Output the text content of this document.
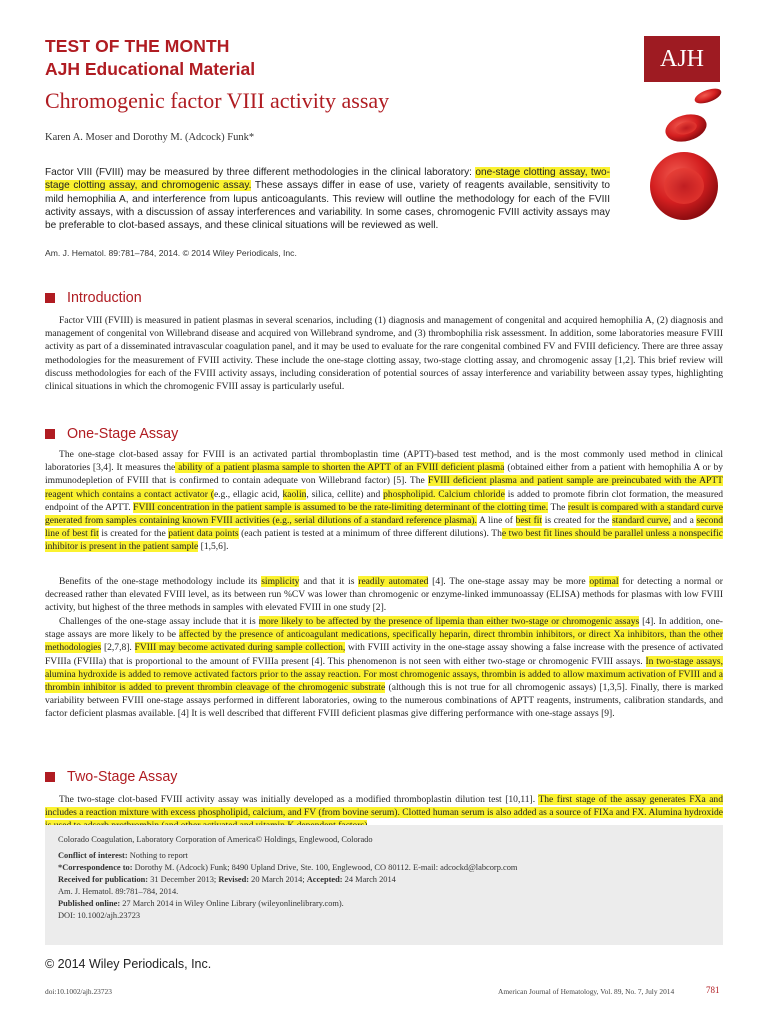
TEST OF THE MONTH
AJH Educational Material
Chromogenic factor VIII activity assay
Karen A. Moser and Dorothy M. (Adcock) Funk*
AJH
Factor VIII (FVIII) may be measured by three different methodologies in the clinical laboratory: one-stage clotting assay, two-stage clotting assay, and chromogenic assay. These assays differ in ease of use, variety of reagents available, sensitivity to mild hemophilia A, and interference from lupus anticoagulants. This review will outline the methodology for each of the FVIII activity assays, with a discussion of assay interferences and variability. In some cases, chromogenic FVIII activity assays may be preferable to clot-based assays, and these clinical situations will be reviewed as well.
Am. J. Hematol. 89:781–784, 2014. © 2014 Wiley Periodicals, Inc.
Introduction
Factor VIII (FVIII) is measured in patient plasmas in several scenarios, including (1) diagnosis and management of congenital and acquired hemophilia A, (2) diagnosis and management of congenital von Willebrand disease and acquired von Willebrand syndrome, and (3) thrombophilia risk assessment. In addition, some laboratories measure FVIII activity as part of a disseminated intravascular coagulation panel, and it may be used to evaluate for the rare congenital combined FV and FVIII deficiency. There are three assay methodologies for the measurement of FVIII activity. These include the one-stage clotting assay, two-stage clotting assay, and chromogenic assay [1,2]. This brief review will discuss methodologies for each of the FVIII activity assays, including consideration of potential sources of assay interference and variability between assay types, highlighting clinical situations in which the chromogenic FVIII assay is particularly useful.
One-Stage Assay
The one-stage clot-based assay for FVIII is an activated partial thromboplastin time (APTT)-based test method, and is the most commonly used method in clinical laboratories [3,4]. It measures the ability of a patient plasma sample to shorten the APTT of an FVIII deficient plasma (obtained either from a patient with hemophilia A or by immunodepletion of FVIII that is confirmed to contain adequate von Willebrand factor) [5]. The FVIII deficient plasma and patient sample are preincubated with the APTT reagent which contains a contact activator (e.g., ellagic acid, kaolin, silica, cellite) and phospholipid. Calcium chloride is added to promote fibrin clot formation, the measured endpoint of the APTT. FVIII concentration in the patient sample is assumed to be the rate-limiting determinant of the clotting time. The result is compared with a standard curve generated from samples containing known FVIII activities (e.g., serial dilutions of a standard reference plasma). A line of best fit is created for the standard curve, and a second line of best fit is created for the patient data points (each patient is tested at a minimum of three different dilutions). The two best fit lines should be parallel unless a nonspecific inhibitor is present in the patient sample [1,5,6].
Benefits of the one-stage methodology include its simplicity and that it is readily automated [4]. The one-stage assay may be more optimal for detecting a normal or decreased rather than elevated FVIII level, as its between run %CV was lower than chromogenic or enzyme-linked immunoassay (ELISA) methods for plasmas with low FVIII activity, but highest of the three methods in samples with elevated FVIII in one study [2].
Challenges of the one-stage assay include that it is more likely to be affected by the presence of lipemia than either two-stage or chromogenic assays [4]. In addition, one-stage assays are more likely to be affected by the presence of anticoagulant medications, specifically heparin, direct thrombin inhibitors, or direct Xa inhibitors, than the other methodologies [2,7,8]. FVIII may become activated during sample collection, with FVIII activity in the one-stage assay showing a false increase with the presence of activated FVIIIa (FVIIIa) that is proportional to the amount of FVIIIa present [4]. This phenomenon is not seen with either two-stage or chromogenic FVIII assays. In two-stage assays, alumina hydroxide is added to remove activated factors prior to the assay reaction. For most chromogenic assays, thrombin is added to allow maximum activation of FVIII and a thrombin inhibitor is added to prevent thrombin cleavage of the chromogenic substrate (although this is not true for all chromogenic assays) [1,3,5]. Finally, there is marked variability between FVIII one-stage assays performed in different laboratories, owing to the numerous combinations of APTT reagents, instruments, calibration standards, and factor deficient plasmas available. [4] It is well described that different FVIII deficient plasmas give differing performance with one-stage assays [9].
Two-Stage Assay
The two-stage clot-based FVIII activity assay was initially developed as a modified thromboplastin dilution test [10,11]. The first stage of the assay generates FXa and includes a reaction mixture with excess phospholipid, calcium, and FV (from bovine serum). Clotted human serum is also added as a source of FIXa and FX. Alumina hydroxide
Colorado Coagulation, Laboratory Corporation of America© Holdings, Englewood, Colorado
Conflict of interest: Nothing to report
*Correspondence to: Dorothy M. (Adcock) Funk; 8490 Upland Drive, Ste. 100, Englewood, CO 80112. E-mail: adcockd@labcorp.com
Received for publication: 31 December 2013; Revised: 20 March 2014; Accepted: 24 March 2014
Am. J. Hematol. 89:781–784, 2014.
Published online: 27 March 2014 in Wiley Online Library (wileyonlinelibrary.com).
DOI: 10.1002/ajh.23723
© 2014 Wiley Periodicals, Inc.
doi:10.1002/ajh.23723	American Journal of Hematology, Vol. 89, No. 7, July 2014	781
